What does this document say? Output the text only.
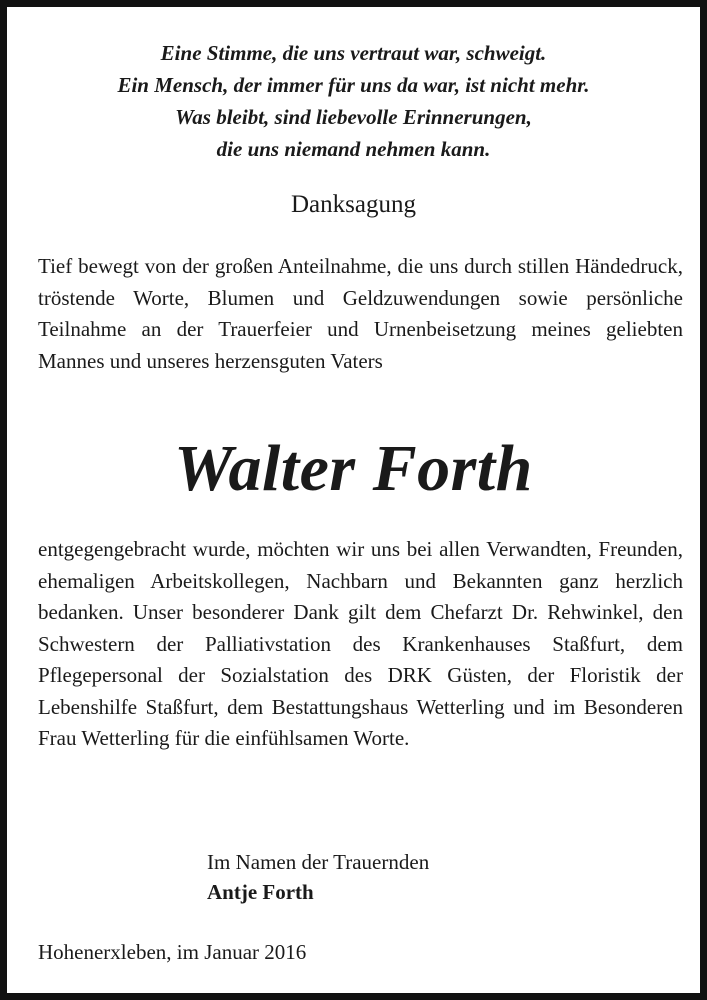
Eine Stimme, die uns vertraut war, schweigt.
Ein Mensch, der immer für uns da war, ist nicht mehr.
Was bleibt, sind liebevolle Erinnerungen,
die uns niemand nehmen kann.
Danksagung

Tief bewegt von der großen Anteilnahme, die uns durch stillen Händedruck, tröstende Worte, Blumen und Geldzuwendungen sowie persönliche Teilnahme an der Trauerfeier und Urnenbeisetzung meines geliebten Mannes und unseres herzensguten Vaters

Walter Forth

entgegengebracht wurde, möchten wir uns bei allen Verwandten, Freunden, ehemaligen Arbeitskollegen, Nachbarn und Bekannten ganz herzlich bedanken. Unser besonderer Dank gilt dem Chefarzt Dr. Rehwinkel, den Schwestern der Palliativstation des Krankenhauses Staßfurt, dem Pflegepersonal der Sozialstation des DRK Güsten, der Floristik der Lebenshilfe Staßfurt, dem Bestattungshaus Wetterling und im Besonderen Frau Wetterling für die einfühlsamen Worte.

Im Namen der Trauernden
Antje Forth
Hohenerxleben, im Januar 2016
